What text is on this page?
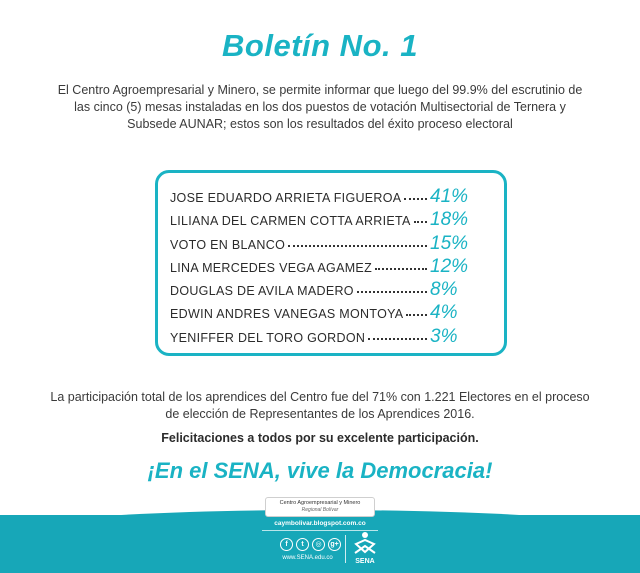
Boletín No. 1
El Centro Agroempresarial y Minero, se permite informar que luego del 99.9% del escrutinio de las cinco (5) mesas instaladas en los dos puestos de votación Multisectorial de Ternera y Subsede AUNAR; estos son los resultados del éxito proceso electoral
JOSE EDUARDO ARRIETA FIGUEROA 41%
LILIANA DEL CARMEN COTTA ARRIETA 18%
VOTO EN BLANCO	15%
LINA MERCEDES VEGA AGAMEZ	12%
DOUGLAS DE AVILA MADERO	8%
EDWIN ANDRES VANEGAS MONTOYA 4%
YENIFFER DEL TORO GORDON	3%
La participación total de los aprendices del Centro fue del 71% con 1.221 Electores en el proceso
de elección de Representantes de los Aprendices 2016.
Felicitaciones a todos por su excelente participación.
¡En el SENA, vive la Democracia!
Centro Agroempresarial y Minero
Regional Bolívar
caymbolivar.blogspot.com.co
f	t	◎	g+
www.SENA.edu.co	SENA
